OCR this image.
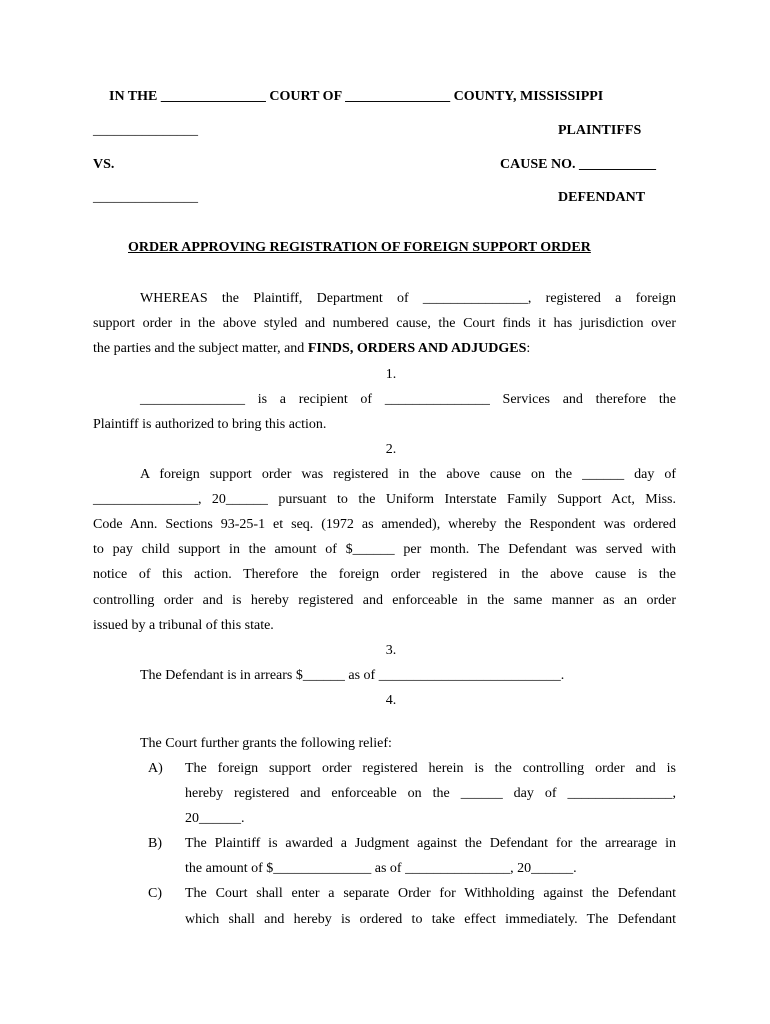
IN THE _______________ COURT OF _______________ COUNTY, MISSISSIPPI
_______________	PLAINTIFFS
VS.	CAUSE NO. ___________
_______________	DEFENDANT
ORDER APPROVING REGISTRATION OF FOREIGN SUPPORT ORDER
WHEREAS the Plaintiff, Department of _______________, registered a foreign
support order in the above styled and numbered cause, the Court finds it has jurisdiction over
the parties and the subject matter, and FINDS, ORDERS AND ADJUDGES:
1.
_______________ is a recipient of _______________ Services and therefore the
Plaintiff is authorized to bring this action.
2.
A foreign support order was registered in the above cause on the ______ day of
_______________, 20______ pursuant to the Uniform Interstate Family Support Act, Miss.
Code Ann. Sections 93-25-1 et seq. (1972 as amended), whereby the Respondent was ordered
to pay child support in the amount of $______ per month. The Defendant was served with
notice of this action. Therefore the foreign order registered in the above cause is the
controlling order and is hereby registered and enforceable in the same manner as an order
issued by a tribunal of this state.
3.
The Defendant is in arrears $______ as of __________________________.
4.
The Court further grants the following relief:
A) The foreign support order registered herein is the controlling order and is
hereby registered and enforceable on the ______ day of _______________,
20______.
B) The Plaintiff is awarded a Judgment against the Defendant for the arrearage in
the amount of $______________ as of _______________, 20______.
C) The Court shall enter a separate Order for Withholding against the Defendant
which shall and hereby is ordered to take effect immediately. The Defendant
